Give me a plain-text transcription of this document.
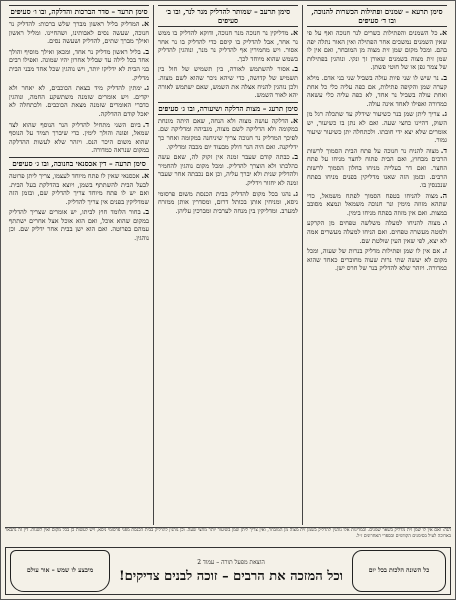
סימן תרעא – שמנים ופתילות הכשרות להנוכה, ובו ד׳ סעיפים
א.כל השמנים והפתילות כשרים לנר חנוכה ואף על פי שאין השמנים נמשכים אחר הפתילה ואין האור נתלה יפה בהם. ומכל מקום שמן זית מצוה מן המובחר, ואם אין לו שמן זית מצוה בשמנים שאורן זך ונקי. ונוהגין בפתילות של צמר גפן או של חוטי פשתן.
ב.נר שיש לו שני פיות עולה בשביל שני בני אדם. מילא קערה שמן והקיפה פתילות, אם כפה עליה כלי כל אחת ואחת עולה בשביל נר אחד, לא כפה עליה כלי עשאה כמדורה ואפילו לאחד אינה עולה.
ג.צריך ליתן שמן בנר כשיעור שידלק עד שתכלה רגל מן השוק, דהיינו כחצי שעה. ואם לא נתן בו כשיעור, יש אומרים שלא יצא ידי חובתו. ולכתחלה יתן כשיעור שיעור גמור.
ד.מצוה להניח נר חנוכה על פתח הבית הסמוך לרשות הרבים מבחוץ, ואם הבית פתוח לחצר מניחו על פתח החצר. ואם דר בעלייה מניחו בחלון הסמוך לרשות הרבים. ובזמן הזה שאנו מדליקין בפנים מניחו בפתח שנכנסין בו.
ה.מצוה להניחו בטפח הסמוך לפתח משמאל, כדי שתהא מזוזה מימין ונר חנוכה משמאל ונמצא מסובב במצות. ואם אין מזוזה בפתח מניחו בימין.
ו.מצוה להניחו למעלה משלשה טפחים מן הקרקע ולמטה מעשרה טפחים. ואם הניחו למעלה מעשרים אמה לא יצא, לפי שאין העין שולטת שם.
ז.אם אין לו שמן ופתילות מדליק בנרות של שעוה, ומכל מקום לא יעשה שתי נרות שעוה מחוברים כאחד שהוא כמדורה. ויזהר שלא להדליק בנר של חרס ישן.
סימן תרעב – שמותר להדליק מנר לנר, ובו ב׳ סעיפים
א.מדליקין נר חנוכה מנר חנוכה, ודוקא להדליק בו ממש נר אחר, אבל להדליק בו קיסם כדי להדליק בו נר אחר אסור. ויש מחמירין אף להדליק נר מנר, ונוהגין להדליק בשמש שהוא מיוחד לכך.
ב.אסור להשתמש לאורה, בין תשמיש של חול בין תשמיש של קדושה, כדי שיהא ניכר שהוא לשם מצוה. ולכן נוהגין להניח אצלה את השמש, שאם ישתמש לאורה יהא לאור השמש.
סימן תרעג – מצות הדלקה ושיעורה, ובו ג׳ סעיפים
א.הדלקה עושה מצוה ולא הנחה, שאם היתה מונחת במקומה ולא הדליקה לשם מצוה, מגביהה ומדליקה שם. לפיכך המדליק נר חנוכה צריך שיניחנה במקומה ואחר כך ידליקנה. ואם היה הנר דולק מבעוד יום מכבה ומדליקו.
ב.כבתה קודם שעבר זמנה אין זקוק לה, שאם עשה כהלכתו ולא הוצרך להדליק. ומכל מקום נוהגין להחמיר ולהדליק שנית ולא יברך עליה, וכן אם נכבתה אחר שעבר זמנה לא יחזור וידליק.
ג.נהגו בכל מקום להדליק בבית הכנסת משום פרסומי ניסא, ומניחין אותן בכותל דרום, ומסדרין אותן ממזרח למערב. ומדליקין בין מנחה לערבית ומברכין עליהן.
סימן תרעד – סדר הברכות והדלקה, ובו ו׳ סעיפים
א.המדליק בליל ראשון מברך שלש ברכות: להדליק נר חנוכה, שעשה נסים לאבותינו, ושהחיינו. ומליל ראשון ואילך מברך שתים, להדליק ושעשה נסים.
ב.בליל ראשון מדליק נר אחד, ומכאן ואילך מוסיף והולך אחד בכל לילה עד שבליל אחרון יהיו שמונה. ואפילו רבים בני הבית לא ידליקו יותר, ויש נוהגין שכל אחד מבני הבית מדליק.
ג.ימתין להדליק מיד בצאת הכוכבים, לא יאחר ולא יקדים. ויש אומרים שזמנה משתשקע החמה, ונוהגין כדברי האומרים שזמנה מצאת הכוכבים. ולכתחלה לא יאכל קודם ההדלקה.
ד.ביום השני מתחיל להדליק הנר הנוסף שהוא לצד שמאל, ופונה והולך לימין. כדי שיברך תמיד על הנוסף שהוא משום היכר הנס. ויזהר שלא לעשות ההדלקה במקום שנראה כמדורה.
סימן תרעה – דין אכסנאי בחנוכה, ובו ג׳ סעיפים
א.אכסנאי שאין לו פתח מיוחד לעצמו, צריך ליתן פרוטה לבעל הבית להשתתף בשמן, ויוצא בהדלקת בעל הבית. ואם יש לו פתח מיוחד צריך להדליק שם, ובזמן הזה שמדליקין בפנים אין צריך להדליק.
ב.בחור הלומד חוץ לביתו, יש אומרים שצריך להדליק במקום שהוא אוכל, ואם הוא אוכל אצל אחרים ישתתף עמהם בפרוטה. ואם הוא ישן בבית אחר ידליק שם. וכן נוהגין.
הגה: ואם אין לו שמן זית מדליק בשאר שמנים. ובמדינות אלו נוהגין להדליק בשמן זית מצוה מן המובחר, ואין צריך ליתן שמן בשיעור יותר מחצי שעה. וכן נוהגין להדליק בבית הכנסת מפני פרסומי ניסא, ויש לעשות כן בכל מקום ואין לשנות. דין זה נתבאר בארוכה לעיל בסימנים הקודמים ובספרי האחרונים ז״ל.
כל השונה הלכות בכל יום
הוצאת מפעל תורה – עמוד 2
וכל המזכה את הרבים – זוכה לבנים צדיקים!
מיבצע לו שמש – אור עולם
